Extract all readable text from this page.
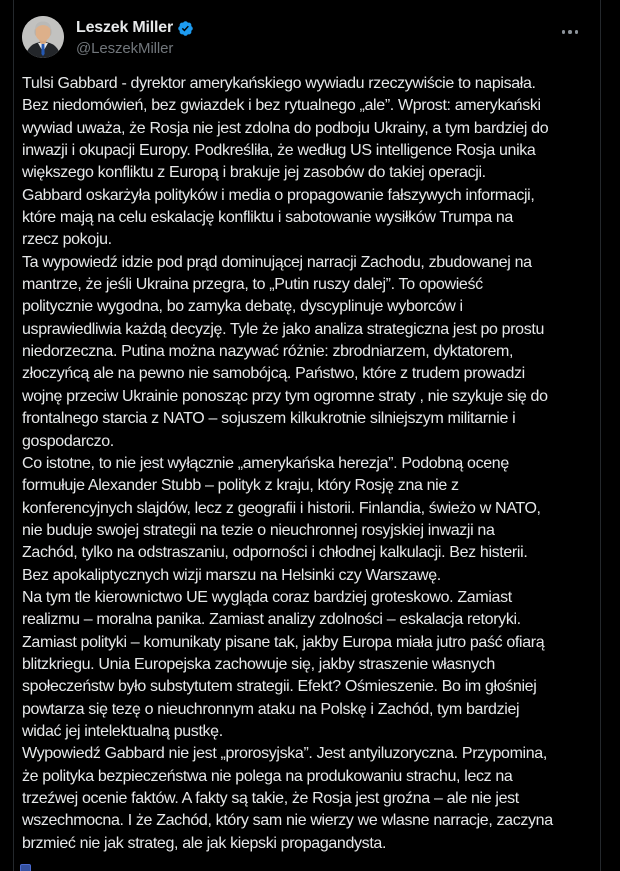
Leszek Miller
@LeszekMiller
Tulsi Gabbard - dyrektor amerykańskiego wywiadu rzeczywiście to napisała.
Bez niedomówień, bez gwiazdek i bez rytualnego „ale”. Wprost: amerykański
wywiad uważa, że Rosja nie jest zdolna do podboju Ukrainy, a tym bardziej do
inwazji i okupacji Europy. Podkreśliła, że według US intelligence Rosja unika
większego konfliktu z Europą i brakuje jej zasobów do takiej operacji.
Gabbard oskarżyła polityków i media o propagowanie fałszywych informacji,
które mają na celu eskalację konfliktu i sabotowanie wysiłków Trumpa na
rzecz pokoju.
Ta wypowiedź idzie pod prąd dominującej narracji Zachodu, zbudowanej na
mantrze, że jeśli Ukraina przegra, to „Putin ruszy dalej”. To opowieść
politycznie wygodna, bo zamyka debatę, dyscyplinuje wyborców i
usprawiedliwia każdą decyzję. Tyle że jako analiza strategiczna jest po prostu
niedorzeczna. Putina można nazywać różnie: zbrodniarzem, dyktatorem,
złoczyńcą ale na pewno nie samobójcą. Państwo, które z trudem prowadzi
wojnę przeciw Ukrainie ponosząc przy tym ogromne straty , nie szykuje się do
frontalnego starcia z NATO – sojuszem kilkukrotnie silniejszym militarnie i
gospodarczo.
Co istotne, to nie jest wyłącznie „amerykańska herezja”. Podobną ocenę
formułuje Alexander Stubb – polityk z kraju, który Rosję zna nie z
konferencyjnych slajdów, lecz z geografii i historii. Finlandia, świeżo w NATO,
nie buduje swojej strategii na tezie o nieuchronnej rosyjskiej inwazji na
Zachód, tylko na odstraszaniu, odporności i chłodnej kalkulacji. Bez histerii.
Bez apokaliptycznych wizji marszu na Helsinki czy Warszawę.
Na tym tle kierownictwo UE wygląda coraz bardziej groteskowo. Zamiast
realizmu – moralna panika. Zamiast analizy zdolności – eskalacja retoryki.
Zamiast polityki – komunikaty pisane tak, jakby Europa miała jutro paść ofiarą
blitzkriegu. Unia Europejska zachowuje się, jakby straszenie własnych
społeczeństw było substytutem strategii. Efekt? Ośmieszenie. Bo im głośniej
powtarza się tezę o nieuchronnym ataku na Polskę i Zachód, tym bardziej
widać jej intelektualną pustkę.
Wypowiedź Gabbard nie jest „prorosyjska”. Jest antyiluzoryczna. Przypomina,
że polityka bezpieczeństwa nie polega na produkowaniu strachu, lecz na
trzeźwej ocenie faktów. A fakty są takie, że Rosja jest groźna – ale nie jest
wszechmocna. I że Zachód, który sam nie wierzy we wlasne narracje, zaczyna
brzmieć nie jak strateg, ale jak kiepski propagandysta.
